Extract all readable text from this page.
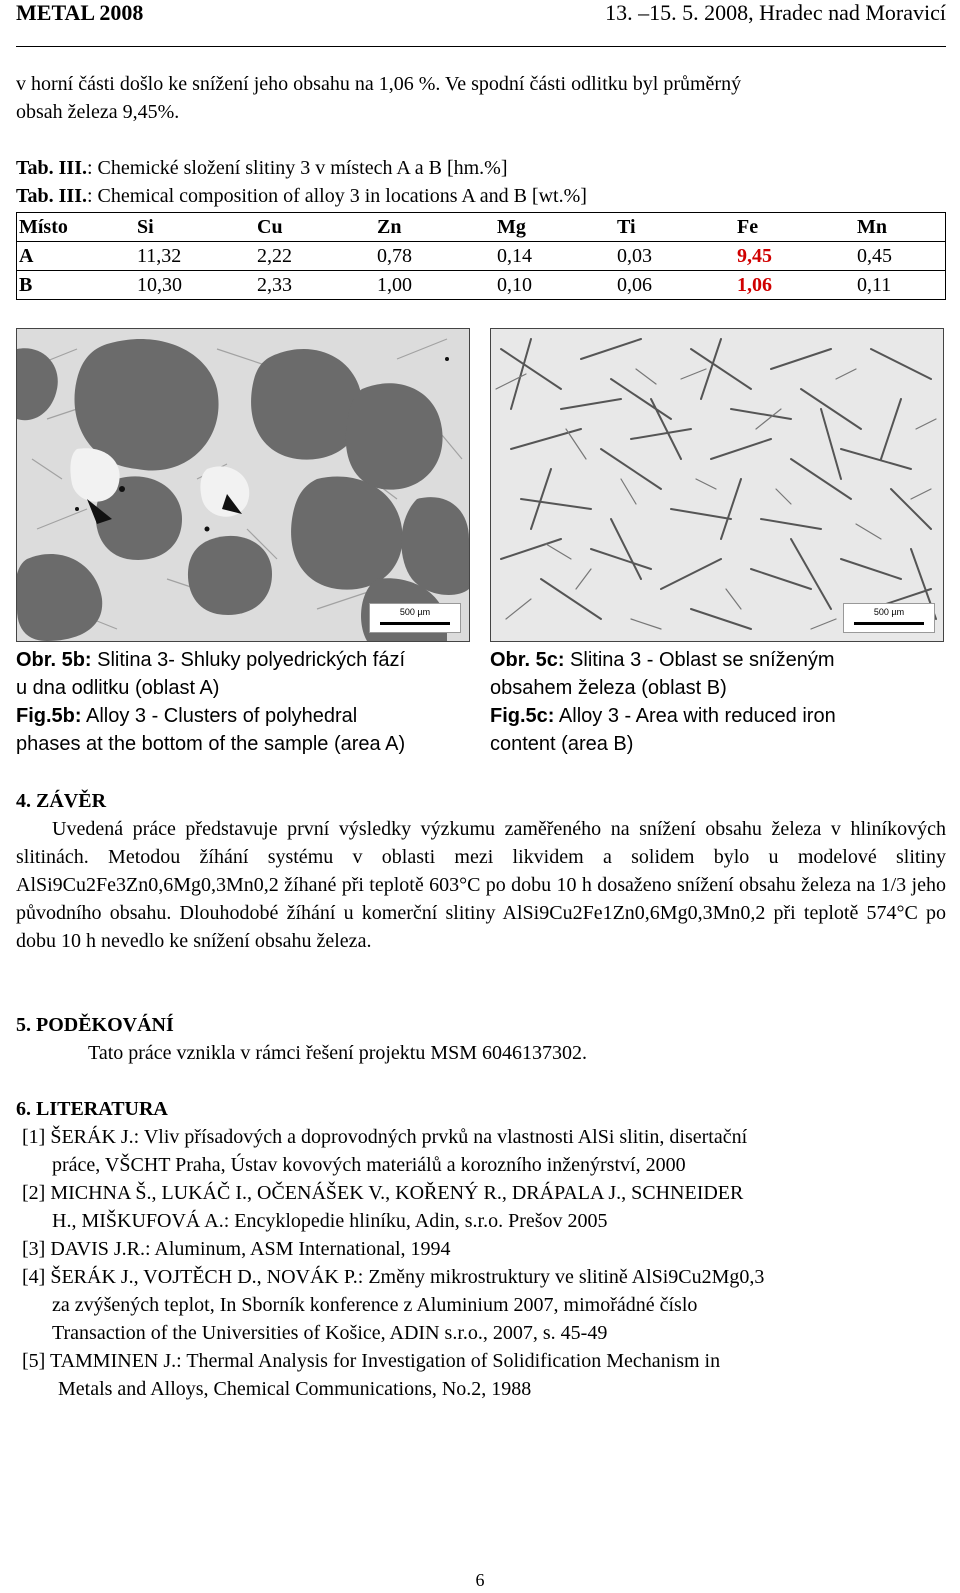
METAL 2008	13. –15. 5. 2008, Hradec nad Moravicí
v horní části došlo ke snížení jeho obsahu na 1,06 %. Ve spodní části odlitku byl průměrný
obsah železa 9,45%.
Tab. III.: Chemické složení slitiny 3 v místech A a B [hm.%]
Tab. III.: Chemical composition of alloy 3 in locations A and B [wt.%]
Místo	Si	Cu	Zn	Mg	Ti	Fe	Mn
A	11,32	2,22	0,78	0,14	0,03	9,45	0,45
B	10,30	2,33	1,00	0,10	0,06	1,06	0,11
500 µm	500 µm
Obr. 5b: Slitina 3- Shluky polyedrických fází
u dna odlitku (oblast A)
Fig.5b: Alloy 3 - Clusters of polyhedral
phases at the bottom of the sample (area A)
Obr. 5c: Slitina 3 - Oblast se sníženým
obsahem železa (oblast B)
Fig.5c: Alloy 3 - Area with reduced iron
content (area B)
4. ZÁVĚR
Uvedená práce představuje první výsledky výzkumu zaměřeného na snížení obsahu železa v hliníkových slitinách. Metodou žíhání systému v oblasti mezi likvidem a solidem bylo u modelové slitiny AlSi9Cu2Fe3Zn0,6Mg0,3Mn0,2 žíhané při teplotě 603°C po dobu 10 h dosaženo snížení obsahu železa na 1/3 jeho původního obsahu. Dlouhodobé žíhání u komerční slitiny AlSi9Cu2Fe1Zn0,6Mg0,3Mn0,2 při teplotě 574°C po dobu 10 h nevedlo ke snížení obsahu železa.
5. PODĚKOVÁNÍ
Tato práce vznikla v rámci řešení projektu MSM 6046137302.
6. LITERATURA
[1] ŠERÁK J.: Vliv přísadových a doprovodných prvků na vlastnosti AlSi slitin, disertační
práce, VŠCHT Praha, Ústav kovových materiálů a korozního inženýrství, 2000
[2] MICHNA Š., LUKÁČ I., OČENÁŠEK V., KOŘENÝ R., DRÁPALA J., SCHNEIDER
H., MIŠKUFOVÁ A.: Encyklopedie hliníku, Adin, s.r.o. Prešov 2005
[3] DAVIS J.R.: Aluminum, ASM International, 1994
[4] ŠERÁK J., VOJTĚCH D., NOVÁK P.: Změny mikrostruktury ve slitině AlSi9Cu2Mg0,3
za zvýšených teplot, In Sborník konference z Aluminium 2007, mimořádné číslo
Transaction of the Universities of Košice, ADIN s.r.o., 2007, s. 45-49
[5] TAMMINEN J.: Thermal Analysis for Investigation of Solidification Mechanism in
Metals and Alloys, Chemical Communications, No.2, 1988
6
